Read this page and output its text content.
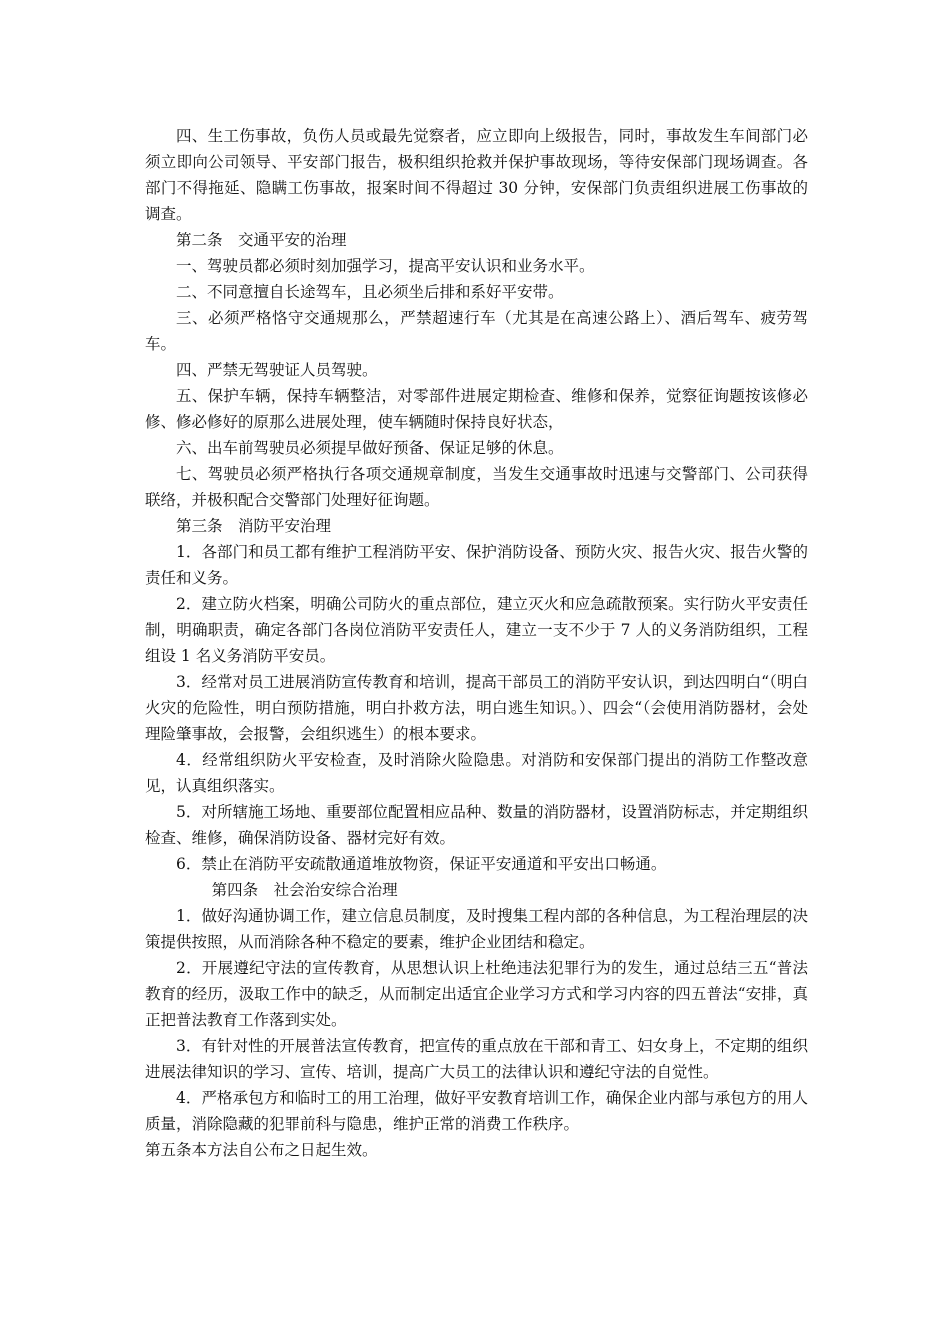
四、生工伤事故，负伤人员或最先觉察者，应立即向上级报告，同时，事故发生车间部门必须立即向公司领导、平安部门报告，极积组织抢救并保护事故现场，等待安保部门现场调查。各部门不得拖延、隐瞒工伤事故，报案时间不得超过 30 分钟，安保部门负责组织进展工伤事故的调查。

第二条　交通平安的治理

一、驾驶员都必须时刻加强学习，提高平安认识和业务水平。

二、不同意擅自长途驾车，且必须坐后排和系好平安带。

三、必须严格恪守交通规那么，严禁超速行车（尤其是在高速公路上）、酒后驾车、疲劳驾车。

四、严禁无驾驶证人员驾驶。

五、保护车辆，保持车辆整洁，对零部件进展定期检查、维修和保养，觉察征询题按该修必修、修必修好的原那么进展处理，使车辆随时保持良好状态，

六、出车前驾驶员必须提早做好预备、保证足够的休息。

七、驾驶员必须严格执行各项交通规章制度，当发生交通事故时迅速与交警部门、公司获得联络，并极积配合交警部门处理好征询题。

第三条　消防平安治理

1．各部门和员工都有维护工程消防平安、保护消防设备、预防火灾、报告火灾、报告火警的责任和义务。

2．建立防火档案，明确公司防火的重点部位，建立灭火和应急疏散预案。实行防火平安责任制，明确职责，确定各部门各岗位消防平安责任人，建立一支不少于 7 人的义务消防组织，工程组设 1 名义务消防平安员。

3．经常对员工进展消防宣传教育和培训，提高干部员工的消防平安认识，到达四明白“（明白火灾的危险性，明白预防措施，明白扑救方法，明白逃生知识。）、四会“（会使用消防器材，会处理险肇事故，会报警，会组织逃生）的根本要求。

4．经常组织防火平安检查，及时消除火险隐患。对消防和安保部门提出的消防工作整改意见，认真组织落实。

5．对所辖施工场地、重要部位配置相应品种、数量的消防器材，设置消防标志，并定期组织检查、维修，确保消防设备、器材完好有效。

6．禁止在消防平安疏散通道堆放物资，保证平安通道和平安出口畅通。

第四条　社会治安综合治理

1．做好沟通协调工作，建立信息员制度，及时搜集工程内部的各种信息，为工程治理层的决策提供按照，从而消除各种不稳定的要素，维护企业团结和稳定。

2．开展遵纪守法的宣传教育，从思想认识上杜绝违法犯罪行为的发生，通过总结三五“普法教育的经历，汲取工作中的缺乏，从而制定出适宜企业学习方式和学习内容的四五普法“安排，真正把普法教育工作落到实处。

3．有针对性的开展普法宣传教育，把宣传的重点放在干部和青工、妇女身上，不定期的组织进展法律知识的学习、宣传、培训，提高广大员工的法律认识和遵纪守法的自觉性。

4．严格承包方和临时工的用工治理，做好平安教育培训工作，确保企业内部与承包方的用人质量，消除隐藏的犯罪前科与隐患，维护正常的消费工作秩序。

第五条本方法自公布之日起生效。
